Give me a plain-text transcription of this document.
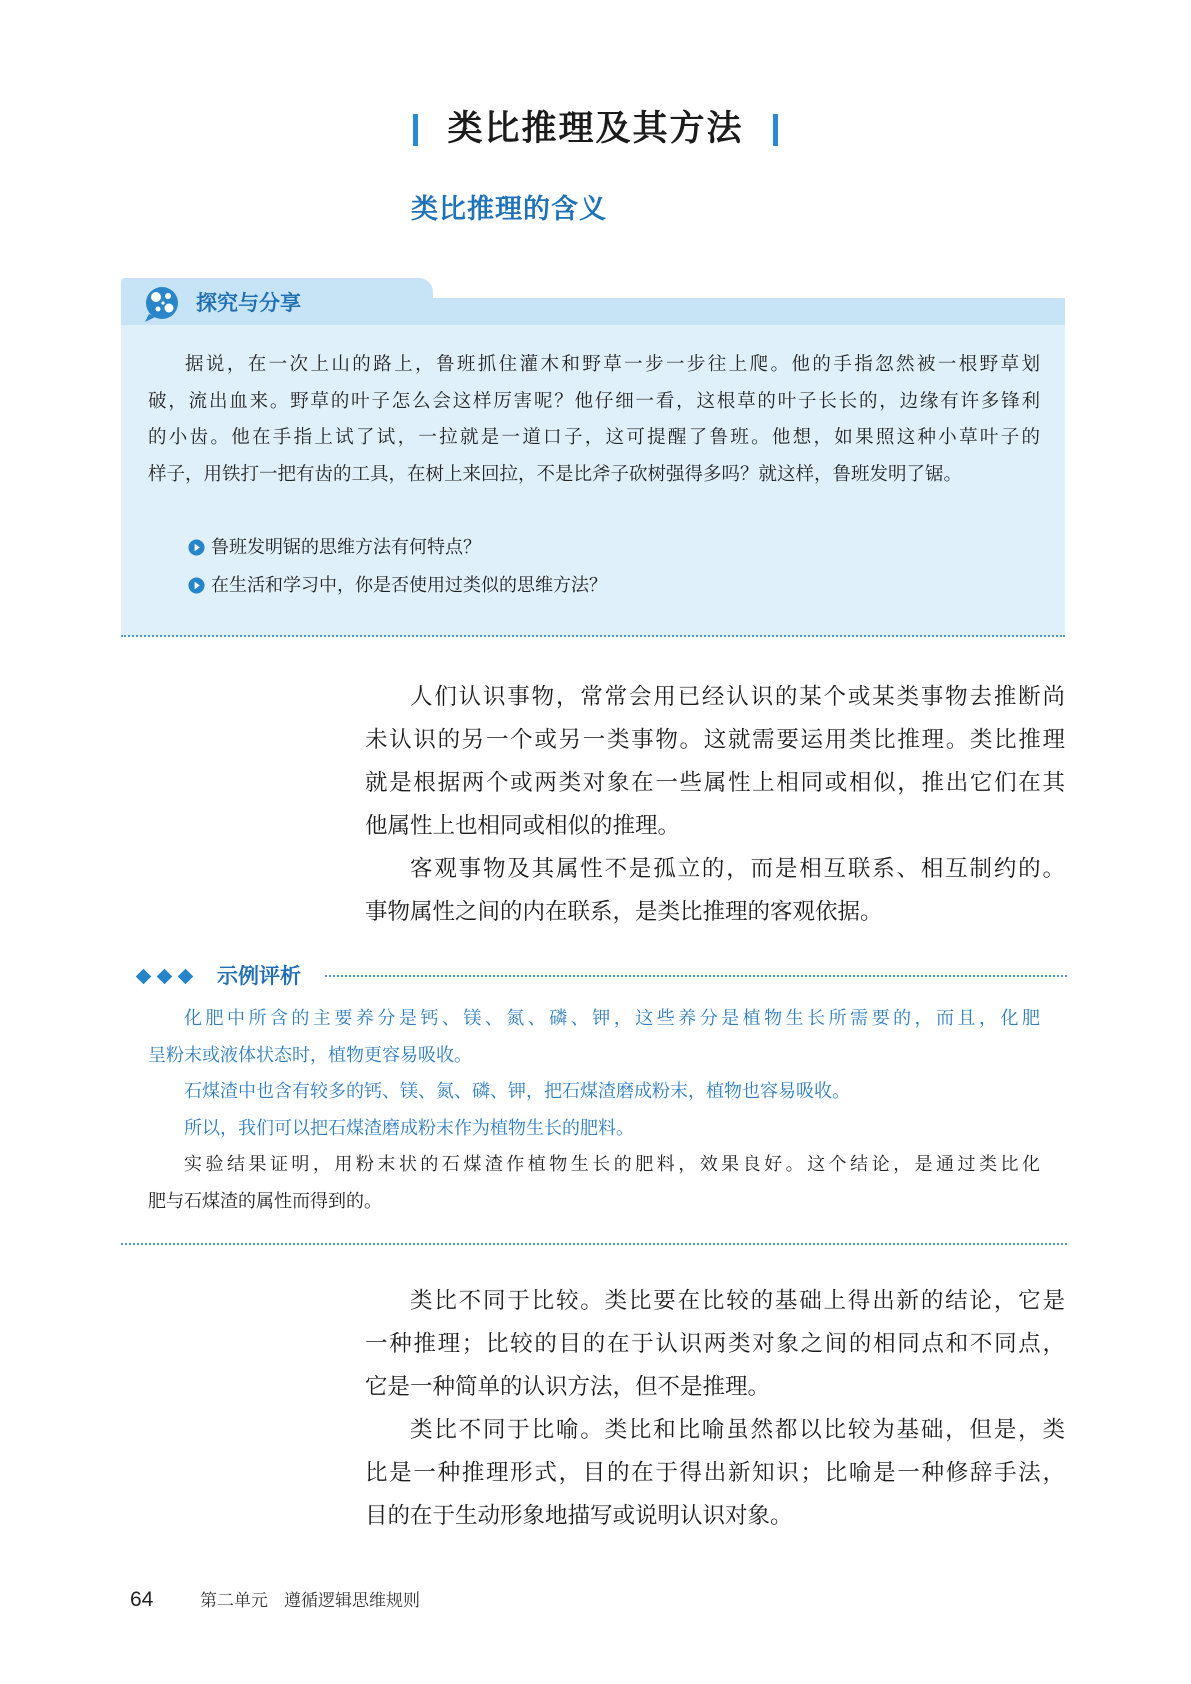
类比推理及其方法
类比推理的含义
探究与分享
据说，在一次上山的路上，鲁班抓住灌木和野草一步一步往上爬。他的手指忽然被一根野草划
破，流出血来。野草的叶子怎么会这样厉害呢？他仔细一看，这根草的叶子长长的，边缘有许多锋利
的小齿。他在手指上试了试，一拉就是一道口子，这可提醒了鲁班。他想，如果照这种小草叶子的
样子，用铁打一把有齿的工具，在树上来回拉，不是比斧子砍树强得多吗？就这样，鲁班发明了锯。
鲁班发明锯的思维方法有何特点？
在生活和学习中，你是否使用过类似的思维方法？
人们认识事物，常常会用已经认识的某个或某类事物去推断尚
未认识的另一个或另一类事物。这就需要运用类比推理。类比推理
就是根据两个或两类对象在一些属性上相同或相似，推出它们在其
他属性上也相同或相似的推理。
客观事物及其属性不是孤立的，而是相互联系、相互制约的。
事物属性之间的内在联系，是类比推理的客观依据。
示例评析
化肥中所含的主要养分是钙、镁、氮、磷、钾，这些养分是植物生长所需要的，而且，化肥
呈粉末或液体状态时，植物更容易吸收。
石煤渣中也含有较多的钙、镁、氮、磷、钾，把石煤渣磨成粉末，植物也容易吸收。
所以，我们可以把石煤渣磨成粉末作为植物生长的肥料。
实验结果证明，用粉末状的石煤渣作植物生长的肥料，效果良好。这个结论，是通过类比化
肥与石煤渣的属性而得到的。
类比不同于比较。类比要在比较的基础上得出新的结论，它是
一种推理；比较的目的在于认识两类对象之间的相同点和不同点，
它是一种简单的认识方法，但不是推理。
类比不同于比喻。类比和比喻虽然都以比较为基础，但是，类
比是一种推理形式，目的在于得出新知识；比喻是一种修辞手法，
目的在于生动形象地描写或说明认识对象。
64	第二单元 遵循逻辑思维规则
